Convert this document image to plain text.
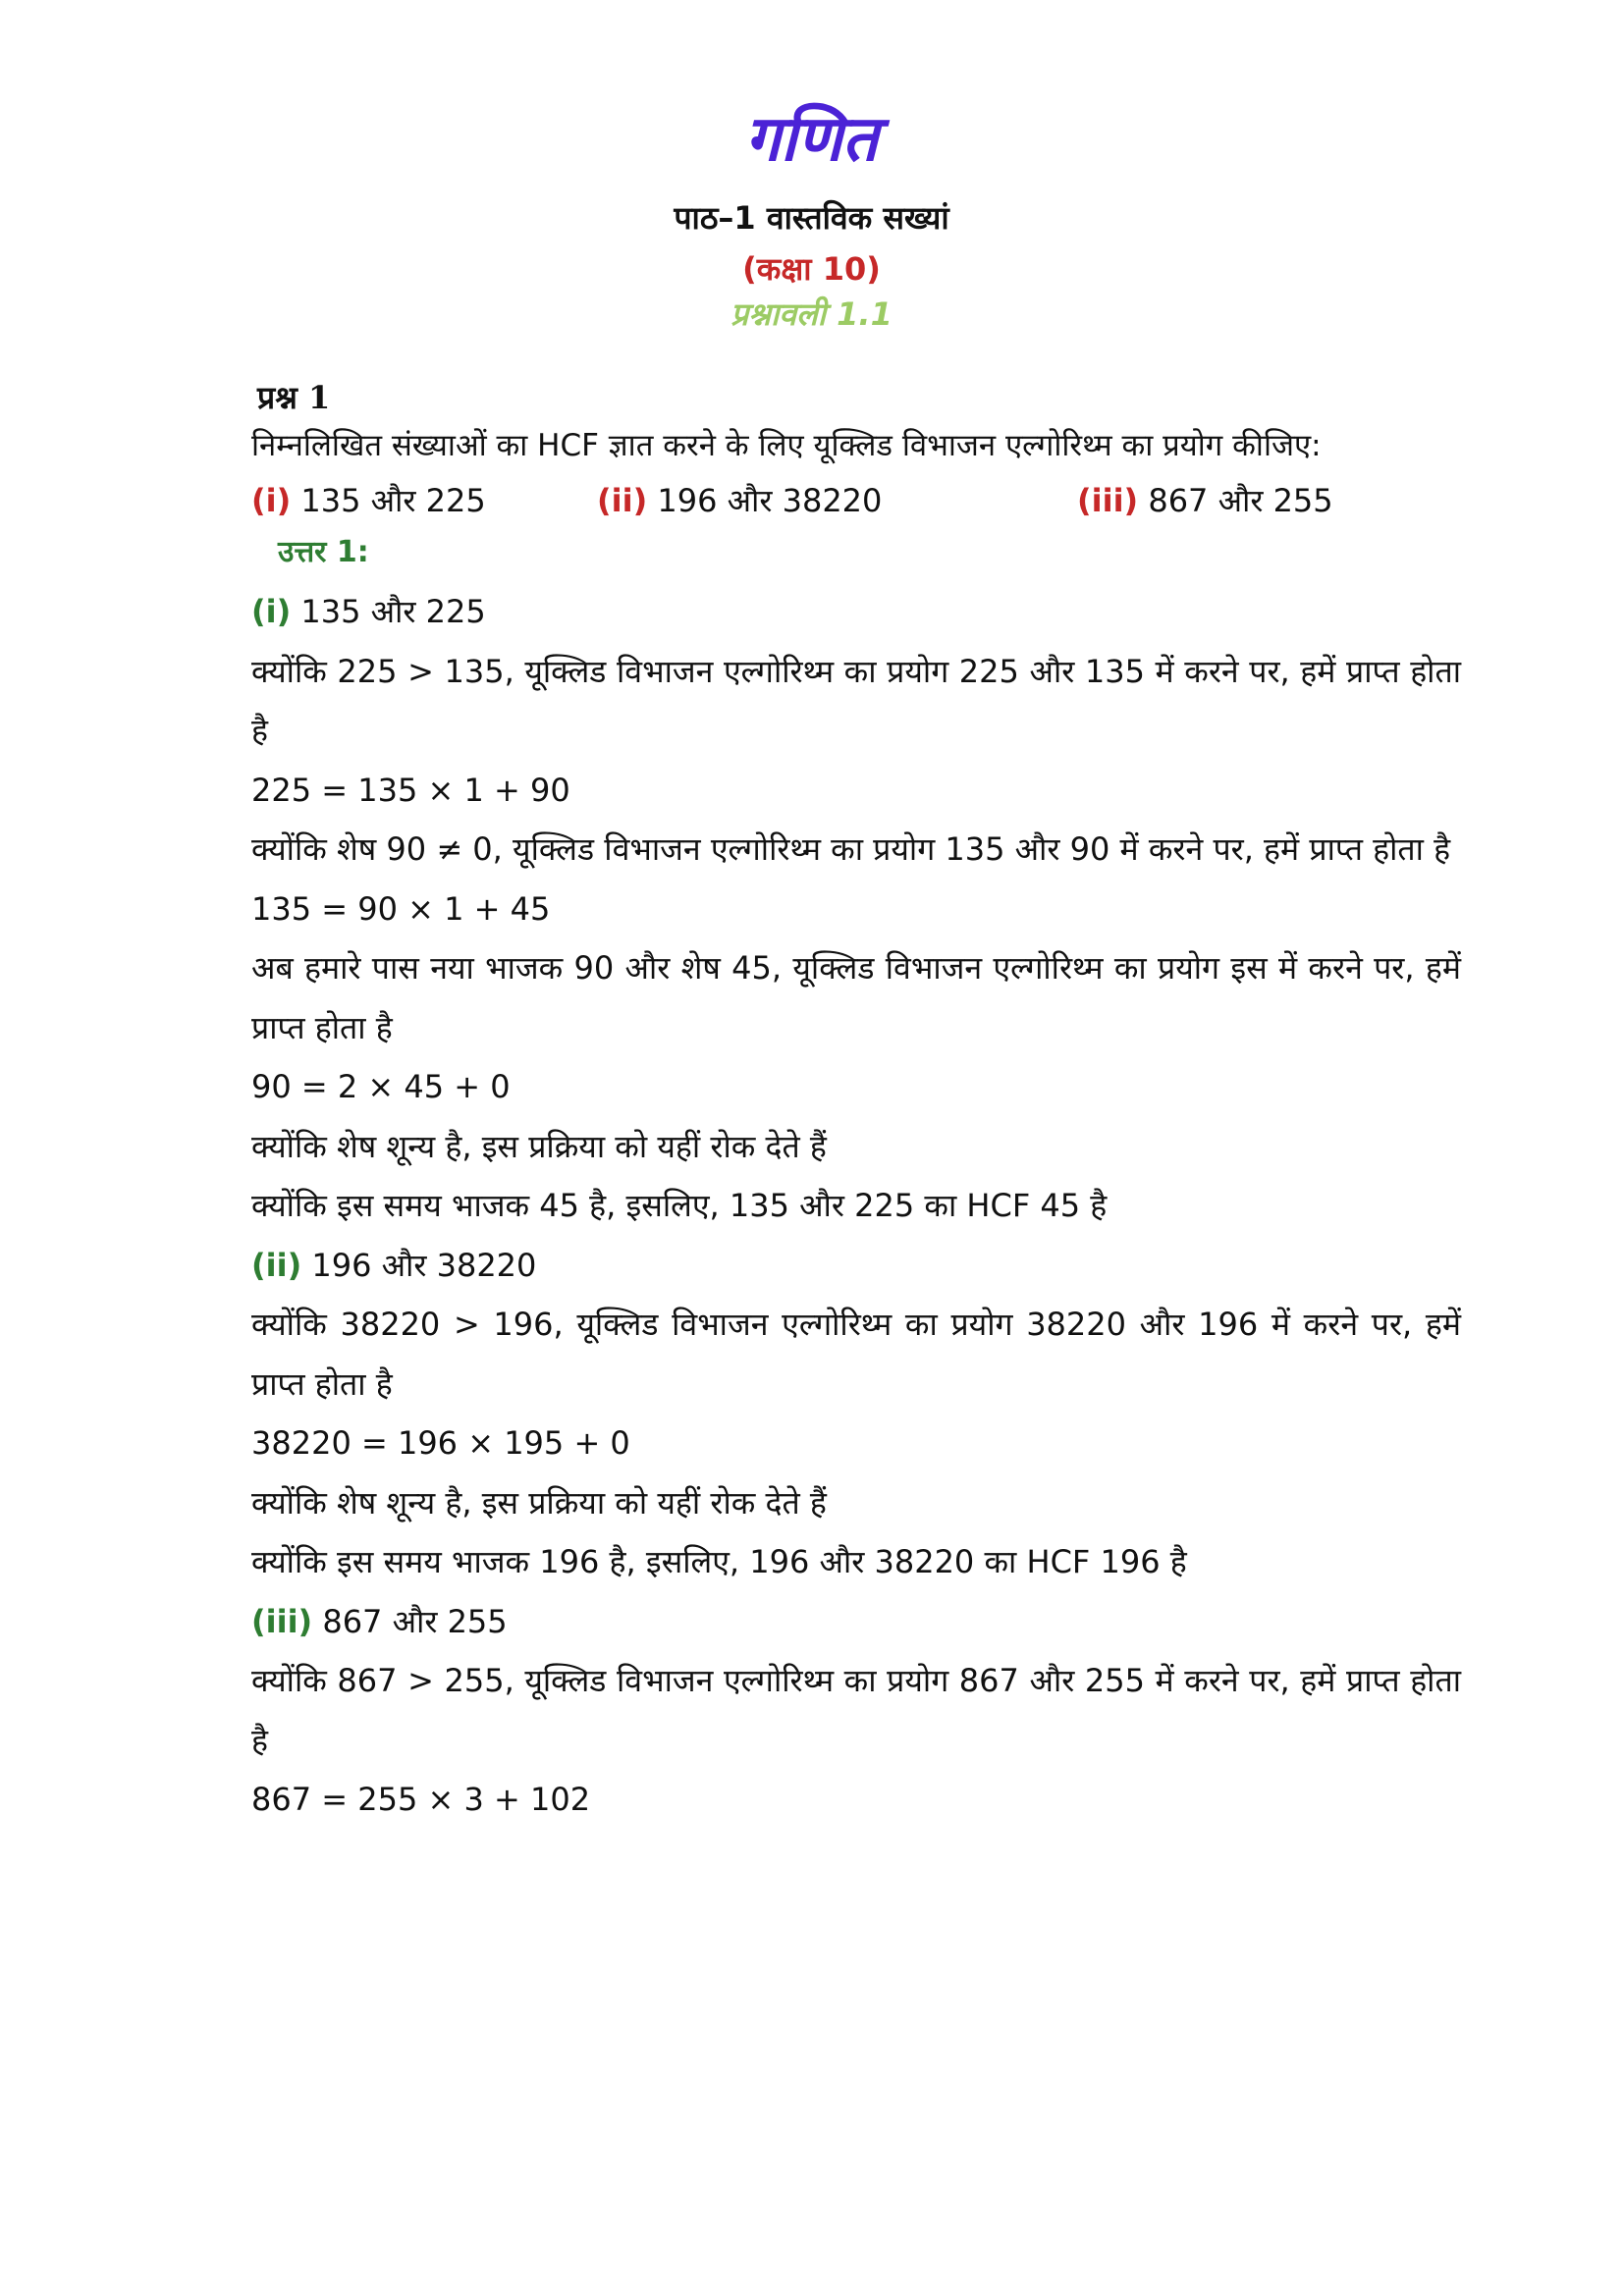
गणित
पाठ–1 वास्तविक सख्यां
(कक्षा 10)
प्रश्नावली 1.1
प्रश्न 1
निम्नलिखित संख्याओं का HCF ज्ञात करने के लिए यूक्लिड विभाजन एल्गोरिथ्म का प्रयोग कीजिए:
(i) 135 और 225	(ii) 196 और 38220	(iii) 867 और 255
उत्तर 1:
(i) 135 और 225
क्योंकि 225 > 135, यूक्लिड विभाजन एल्गोरिथ्म का प्रयोग 225 और 135 में करने पर, हमें प्राप्त होता है
225 = 135 × 1 + 90
क्योंकि शेष 90 ≠ 0, यूक्लिड विभाजन एल्गोरिथ्म का प्रयोग 135 और 90 में करने पर, हमें प्राप्त होता है
135 = 90 × 1 + 45
अब हमारे पास नया भाजक 90 और शेष 45, यूक्लिड विभाजन एल्गोरिथ्म का प्रयोग इस में करने पर, हमें प्राप्त होता है
90 = 2 × 45 + 0
क्योंकि शेष शून्य है, इस प्रक्रिया को यहीं रोक देते हैं
क्योंकि इस समय भाजक 45 है, इसलिए, 135 और 225 का HCF 45 है
(ii) 196 और 38220
क्योंकि 38220 > 196, यूक्लिड विभाजन एल्गोरिथ्म का प्रयोग 38220 और 196 में करने पर, हमें प्राप्त होता है
38220 = 196 × 195 + 0
क्योंकि शेष शून्य है, इस प्रक्रिया को यहीं रोक देते हैं
क्योंकि इस समय भाजक 196 है, इसलिए, 196 और 38220 का HCF 196 है
(iii) 867 और 255
क्योंकि 867 > 255, यूक्लिड विभाजन एल्गोरिथ्म का प्रयोग 867 और 255 में करने पर, हमें प्राप्त होता है
867 = 255 × 3 + 102
